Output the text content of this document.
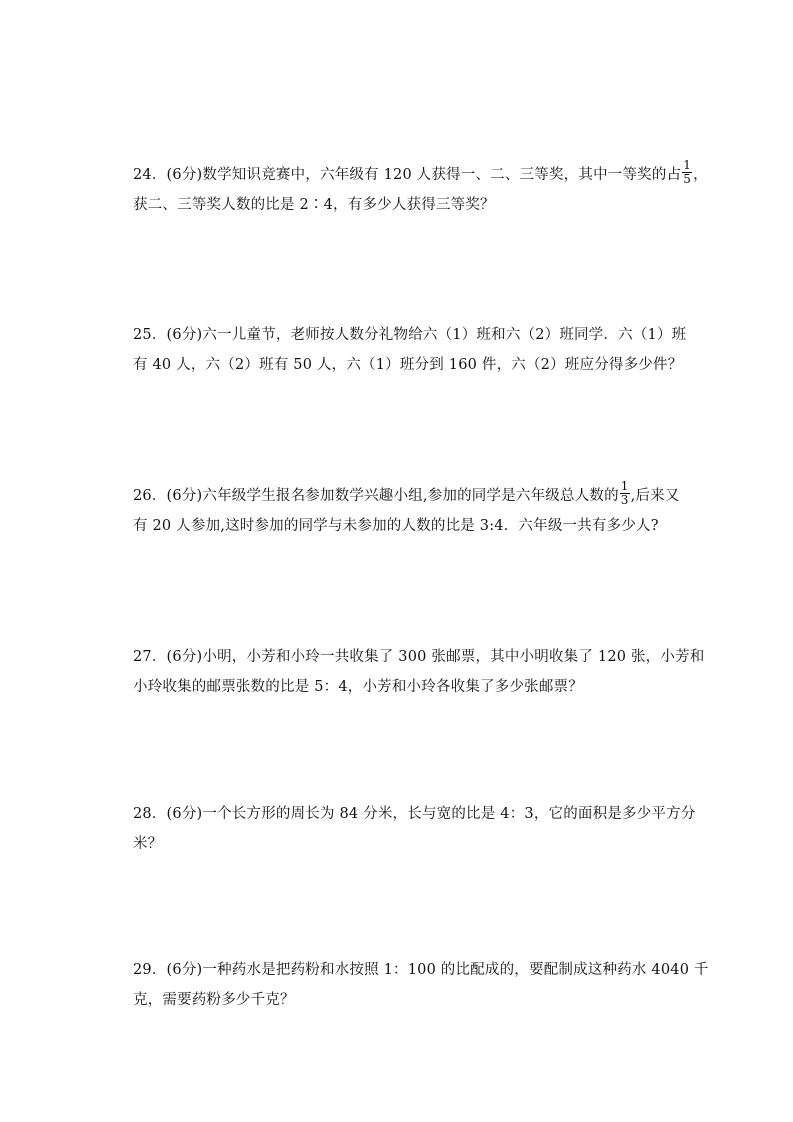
24．(6分)数学知识竞赛中，六年级有 120 人获得一、二、三等奖，其中一等奖的占 $\frac{1}{5}$ ，
获二、三等奖人数的比是 2∶4，有多少人获得三等奖？
25．(6分)六一儿童节，老师按人数分礼物给六（1）班和六（2）班同学．六（1）班
有 40 人，六（2）班有 50 人，六（1）班分到 160 件，六（2）班应分得多少件？
26．(6分)六年级学生报名参加数学兴趣小组,参加的同学是六年级总人数的 $\frac{1}{3}$ ,后来又
有 20 人参加,这时参加的同学与未参加的人数的比是 3:4．六年级一共有多少人?
27．(6分)小明，小芳和小玲一共收集了 300 张邮票，其中小明收集了 120 张，小芳和
小玲收集的邮票张数的比是 5：4，小芳和小玲各收集了多少张邮票？
28．(6分)一个长方形的周长为 84 分米，长与宽的比是 4：3，它的面积是多少平方分
米？
29．(6分)一种药水是把药粉和水按照 1：100 的比配成的，要配制成这种药水 4040 千
克，需要药粉多少千克？
